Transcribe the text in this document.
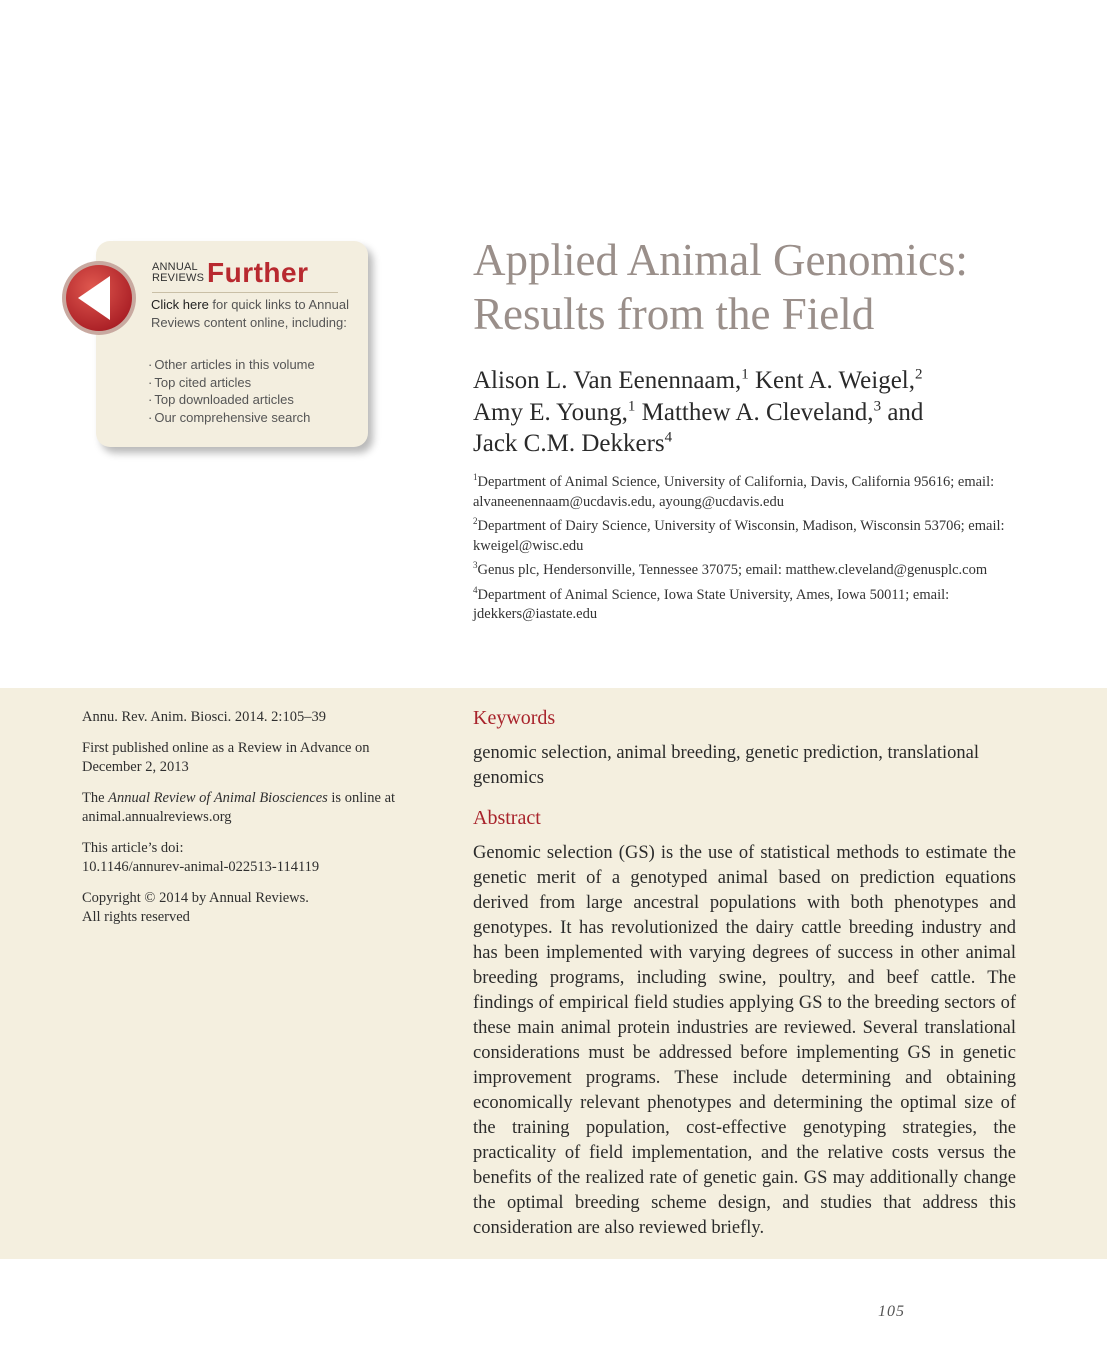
ANNUAL
REVIEWS Further
Click here for quick links to Annual Reviews content online, including:
· Other articles in this volume
· Top cited articles
· Top downloaded articles
· Our comprehensive search
Applied Animal Genomics:
Results from the Field
Alison L. Van Eenennaam,$^1$ Kent A. Weigel,$^2$
Amy E. Young,$^1$ Matthew A. Cleveland,$^3$ and
Jack C.M. Dekkers$^4$

$^1$Department of Animal Science, University of California, Davis, California 95616; email: alvaneenennaam@ucdavis.edu, ayoung@ucdavis.edu

$^2$Department of Dairy Science, University of Wisconsin, Madison, Wisconsin 53706; email: kweigel@wisc.edu

$^3$Genus plc, Hendersonville, Tennessee 37075; email: matthew.cleveland@genusplc.com

$^4$Department of Animal Science, Iowa State University, Ames, Iowa 50011; email: jdekkers@iastate.edu

Annu. Rev. Anim. Biosci. 2014. 2:105–39

First published online as a Review in Advance on December 2, 2013

The Annual Review of Animal Biosciences is online at animal.annualreviews.org

This article’s doi:
10.1146/annurev-animal-022513-114119

Copyright © 2014 by Annual Reviews.
All rights reserved

Keywords

genomic selection, animal breeding, genetic prediction, translational genomics

Abstract

Genomic selection (GS) is the use of statistical methods to estimate the genetic merit of a genotyped animal based on prediction equations derived from large ancestral populations with both phenotypes and genotypes. It has revolutionized the dairy cattle breeding industry and has been implemented with varying degrees of success in other animal breeding programs, including swine, poultry, and beef cattle. The findings of empirical field studies applying GS to the breeding sectors of these main animal protein industries are reviewed. Several translational considerations must be addressed before implementing GS in genetic improvement programs. These include determining and obtaining economically relevant phenotypes and determining the optimal size of the training population, cost-effective genotyping strategies, the practicality of field implementation, and the relative costs versus the benefits of the realized rate of genetic gain. GS may additionally change the optimal breeding scheme design, and studies that address this consideration are also reviewed briefly.

105
